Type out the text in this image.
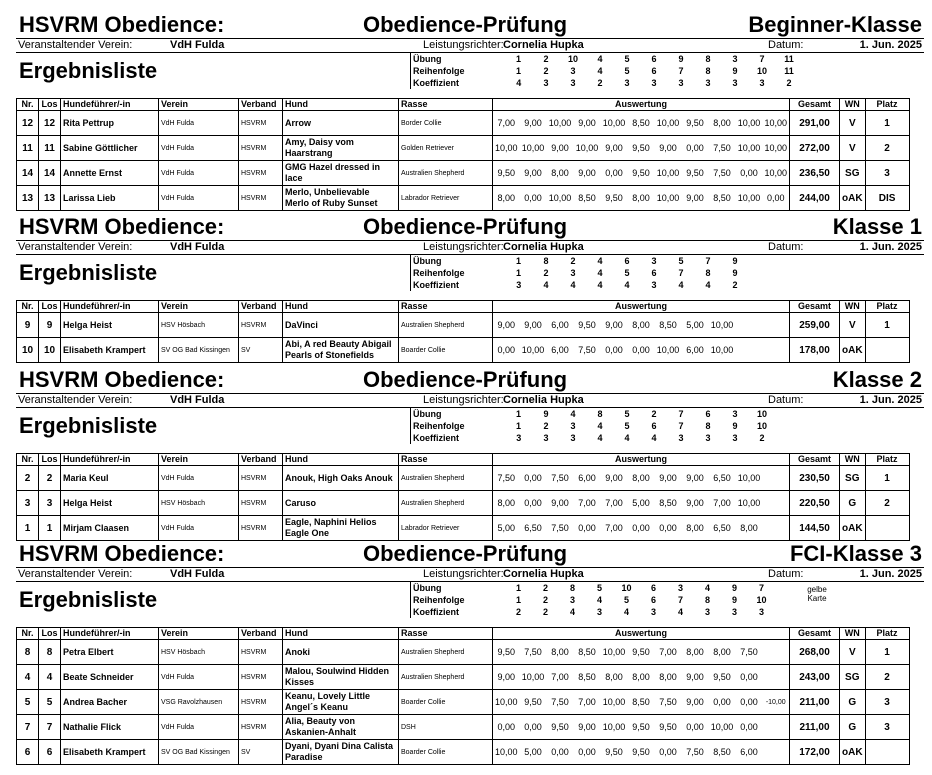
HSVRM Obedience:	Obedience-Prüfung	Beginner-Klasse
Veranstaltender Verein:	VdH Fulda	Leistungsrichter: Cornelia Hupka	Datum:	1. Jun. 2025
Ergebnisliste	Übung	1	2	10	4	5	6	9	8	3	7	11
Reihenfolge	1	2	3	4	5	6	7	8	9	10	11
Koeffizient	4	3	3	2	3	3	3	3	3	3	2
Nr.	Los	Hundeführer/-in	Verein	Verband	Hund	Rasse	Auswertung											Gesamt	WN	Platz
12	12	Rita Pettrup	VdH Fulda	HSVRM	Arrow	Border Collie	7,00	9,00	10,00	9,00	10,00	8,50	10,00	9,50	8,00	10,00	10,00	291,00	V	1
11	11	Sabine Göttlicher	VdH Fulda	HSVRM	Amy, Daisy vom Haarstrang	Golden Retriever	10,00	10,00	9,00	10,00	9,00	9,50	9,00	0,00	7,50	10,00	10,00	272,00	V	2
14	14	Annette Ernst	VdH Fulda	HSVRM	GMG Hazel dressed in lace	Australien Shepherd	9,50	9,00	8,00	9,00	0,00	9,50	10,00	9,50	7,50	0,00	10,00	236,50	SG	3
13	13	Larissa Lieb	VdH Fulda	HSVRM	Merlo, Unbelievable Merlo of Ruby Sunset	Labrador Retriever	8,00	0,00	10,00	8,50	9,50	8,00	10,00	9,00	8,50	10,00	0,00	244,00	oAK	DIS
HSVRM Obedience:	Obedience-Prüfung	Klasse 1
Veranstaltender Verein:	VdH Fulda	Leistungsrichter: Cornelia Hupka	Datum:	1. Jun. 2025
Ergebnisliste	Übung	1	8	2	4	6	3	5	7	9		
Reihenfolge	1	2	3	4	5	6	7	8	9		
Koeffizient	3	4	4	4	4	3	4	4	2		
Nr.	Los	Hundeführer/-in	Verein	Verband	Hund	Rasse	Auswertung											Gesamt	WN	Platz
9	9	Helga Heist	HSV Hösbach	HSVRM	DaVinci	Australien Shepherd	9,00	9,00	6,00	9,50	9,00	8,00	8,50	5,00	10,00			259,00	V	1
10	10	Elisabeth Krampert	SV OG Bad Kissingen	SV	Abi, A red Beauty Abigail Pearls of Stonefields	Boarder Collie	0,00	10,00	6,00	7,50	0,00	0,00	10,00	6,00	10,00			178,00	oAK	
HSVRM Obedience:	Obedience-Prüfung	Klasse 2
Veranstaltender Verein:	VdH Fulda	Leistungsrichter: Cornelia Hupka	Datum:	1. Jun. 2025
Ergebnisliste	Übung	1	9	4	8	5	2	7	6	3	10	
Reihenfolge	1	2	3	4	5	6	7	8	9	10	
Koeffizient	3	3	3	4	4	4	3	3	3	2	
Nr.	Los	Hundeführer/-in	Verein	Verband	Hund	Rasse	Auswertung											Gesamt	WN	Platz
2	2	Maria Keul	VdH Fulda	HSVRM	Anouk, High Oaks Anouk	Australien Shepherd	7,50	0,00	7,50	6,00	9,00	8,00	9,00	9,00	6,50	10,00		230,50	SG	1
3	3	Helga Heist	HSV Hösbach	HSVRM	Caruso	Australien Shepherd	8,00	0,00	9,00	7,00	7,00	5,00	8,50	9,00	7,00	10,00		220,50	G	2
1	1	Mirjam Claasen	VdH Fulda	HSVRM	Eagle, Naphini Helios Eagle One	Labrador Retriever	5,00	6,50	7,50	0,00	7,00	0,00	0,00	8,00	6,50	8,00		144,50	oAK	
HSVRM Obedience:	Obedience-Prüfung	FCI-Klasse 3
Veranstaltender Verein:	VdH Fulda	Leistungsrichter: Cornelia Hupka	Datum:	1. Jun. 2025
Ergebnisliste	Übung	1	2	8	5	10	6	3	4	9	7		gelbe Karte
Reihenfolge	1	2	3	4	5	6	7	8	9	10		
Koeffizient	2	2	4	3	4	3	4	3	3	3		
Nr.	Los	Hundeführer/-in	Verein	Verband	Hund	Rasse	Auswertung											Gesamt	WN	Platz
8	8	Petra Elbert	HSV Hösbach	HSVRM	Anoki	Australien Shepherd	9,50	7,50	8,00	8,50	10,00	9,50	7,00	8,00	8,00	7,50		268,00	V	1
4	4	Beate Schneider	VdH Fulda	HSVRM	Malou, Soulwind Hidden Kisses	Australien Shepherd	9,00	10,00	7,00	8,50	8,00	8,00	8,00	9,00	9,50	0,00		243,00	SG	2
5	5	Andrea Bacher	VSG Ravolzhausen	HSVRM	Keanu, Lovely Little Angel´s Keanu	Boarder Collie	10,00	9,50	7,50	7,00	10,00	8,50	7,50	9,00	0,00	0,00	-10,00	211,00	G	3
7	7	Nathalie Flick	VdH Fulda	HSVRM	Alia, Beauty von Askanien-Anhalt	DSH	0,00	0,00	9,50	9,00	10,00	9,50	9,50	0,00	10,00	0,00		211,00	G	3
6	6	Elisabeth Krampert	SV OG Bad Kissingen	SV	Dyani, Dyani Dina Calista Paradise	Boarder Collie	10,00	5,00	0,00	0,00	9,50	9,50	0,00	7,50	8,50	6,00		172,00	oAK	
